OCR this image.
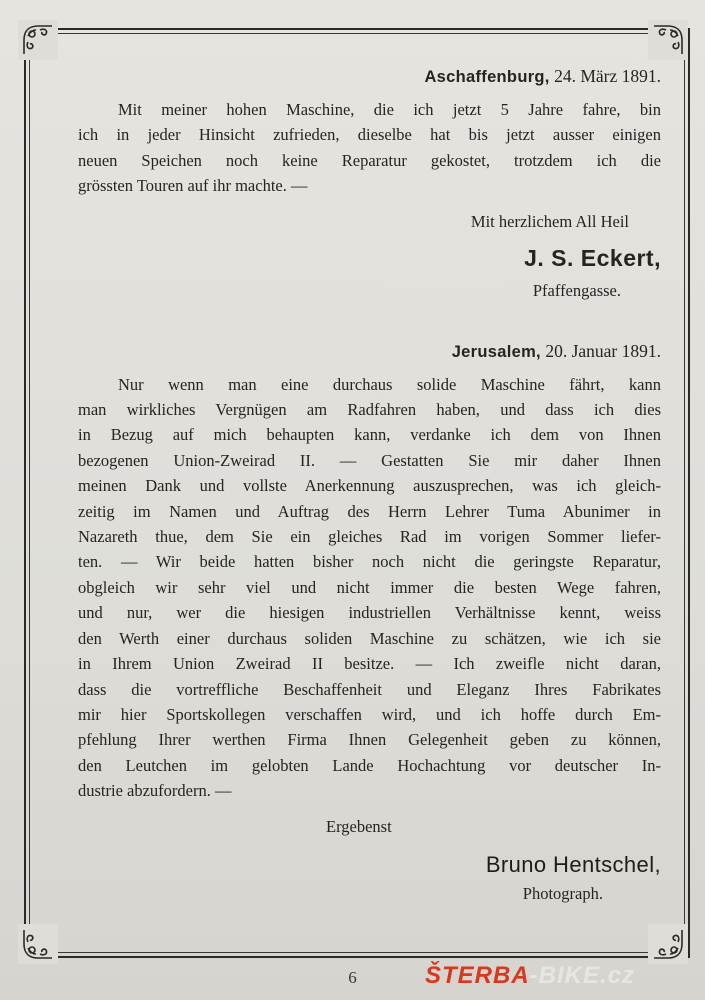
Aschaffenburg, 24. März 1891.

Mit meiner hohen Maschine, die ich jetzt 5 Jahre fahre, bin
ich in jeder Hinsicht zufrieden, dieselbe hat bis jetzt ausser einigen
neuen Speichen noch keine Reparatur gekostet, trotzdem ich die
grössten Touren auf ihr machte. —

Mit herzlichem All Heil

J. S. Eckert,

Pfaffengasse.

Jerusalem, 20. Januar 1891.

Nur wenn man eine durchaus solide Maschine fährt, kann
man wirkliches Vergnügen am Radfahren haben, und dass ich dies
in Bezug auf mich behaupten kann, verdanke ich dem von Ihnen
bezogenen Union-Zweirad II. — Gestatten Sie mir daher Ihnen
meinen Dank und vollste Anerkennung auszusprechen, was ich gleich-
zeitig im Namen und Auftrag des Herrn Lehrer Tuma Abunimer in
Nazareth thue, dem Sie ein gleiches Rad im vorigen Sommer liefer-
ten. — Wir beide hatten bisher noch nicht die geringste Reparatur,
obgleich wir sehr viel und nicht immer die besten Wege fahren,
und nur, wer die hiesigen industriellen Verhältnisse kennt, weiss
den Werth einer durchaus soliden Maschine zu schätzen, wie ich sie
in Ihrem Union Zweirad II besitze. — Ich zweifle nicht daran,
dass die vortreffliche Beschaffenheit und Eleganz Ihres Fabrikates
mir hier Sportskollegen verschaffen wird, und ich hoffe durch Em-
pfehlung Ihrer werthen Firma Ihnen Gelegenheit geben zu können,
den Leutchen im gelobten Lande Hochachtung vor deutscher In-
dustrie abzufordern. —

Ergebenst

Bruno Hentschel,

Photograph.

6	ŠTERBA-BIKE.cz
